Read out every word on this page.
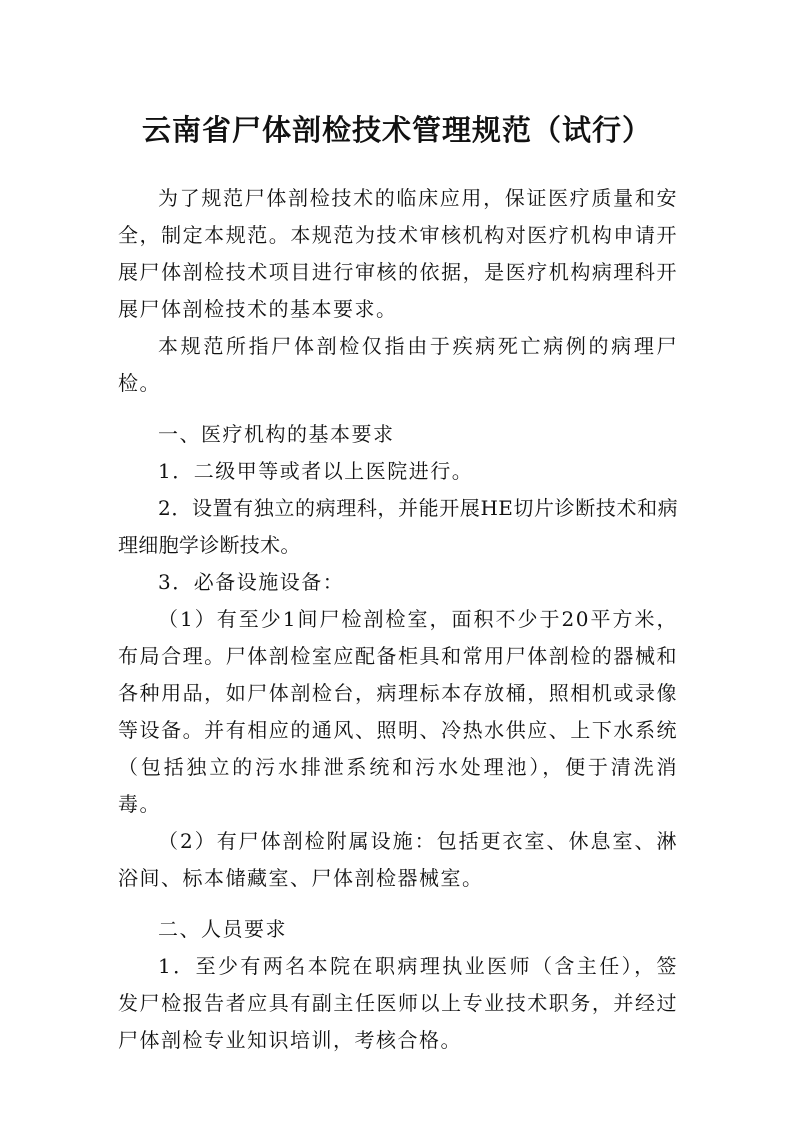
云南省尸体剖检技术管理规范（试行）

为了规范尸体剖检技术的临床应用，保证医疗质量和安全，制定本规范。本规范为技术审核机构对医疗机构申请开展尸体剖检技术项目进行审核的依据，是医疗机构病理科开展尸体剖检技术的基本要求。

本规范所指尸体剖检仅指由于疾病死亡病例的病理尸检。

一、医疗机构的基本要求

1．二级甲等或者以上医院进行。

2．设置有独立的病理科，并能开展HE切片诊断技术和病理细胞学诊断技术。

3．必备设施设备：

（1）有至少1间尸检剖检室，面积不少于20平方米，布局合理。尸体剖检室应配备柜具和常用尸体剖检的器械和各种用品，如尸体剖检台，病理标本存放桶，照相机或录像等设备。并有相应的通风、照明、冷热水供应、上下水系统（包括独立的污水排泄系统和污水处理池），便于清洗消毒。

（2）有尸体剖检附属设施：包括更衣室、休息室、淋浴间、标本储藏室、尸体剖检器械室。

二、人员要求

1．至少有两名本院在职病理执业医师（含主任），签发尸检报告者应具有副主任医师以上专业技术职务，并经过尸体剖检专业知识培训，考核合格。
